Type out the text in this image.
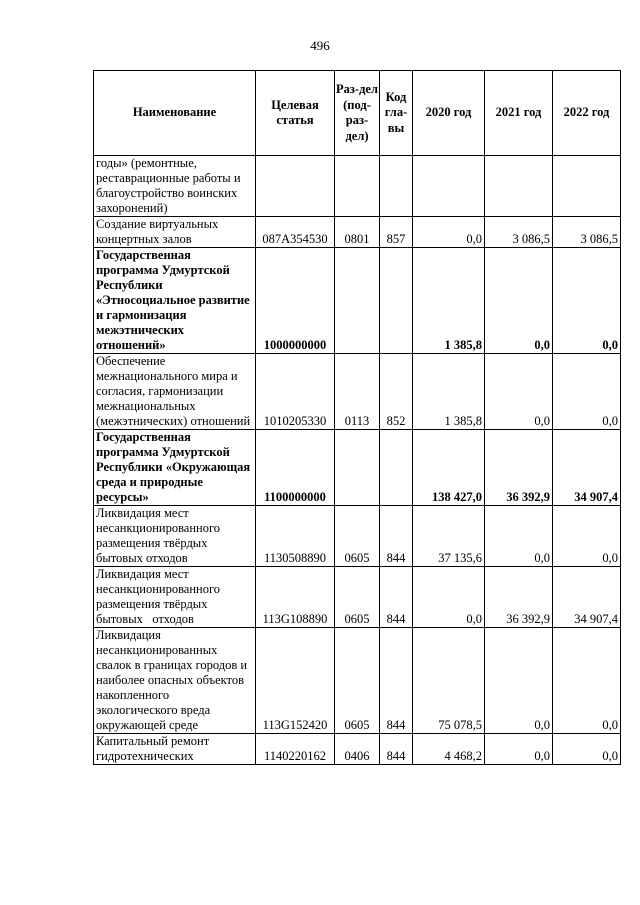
496
Наименование	Целевая статья	Раз-дел (под-раз-дел)	Код гла-вы	2020 год	2021 год	2022 год
годы» (ремонтные, реставрационные работы и благоустройство воинских захоронений)						
Создание виртуальных концертных залов	087A354530	0801	857	0,0	3 086,5	3 086,5
Государственная программа Удмуртской Республики «Этносоциальное развитие и гармонизация межэтнических отношений»	1000000000			1 385,8	0,0	0,0
Обеспечение межнационального мира и согласия, гармонизации межнациональных (межэтнических) отношений	1010205330	0113	852	1 385,8	0,0	0,0
Государственная программа Удмуртской Республики «Окружающая среда и природные ресурсы»	1100000000			138 427,0	36 392,9	34 907,4
Ликвидация мест несанкционированного размещения твёрдых бытовых отходов	1130508890	0605	844	37 135,6	0,0	0,0
Ликвидация мест несанкционированного размещения твёрдых бытовых   отходов	113G108890	0605	844	0,0	36 392,9	34 907,4
Ликвидация несанкционированных свалок в границах городов и наиболее опасных объектов накопленного экологического вреда окружающей среде	113G152420	0605	844	75 078,5	0,0	0,0
Капитальный ремонт гидротехнических	1140220162	0406	844	4 468,2	0,0	0,0
